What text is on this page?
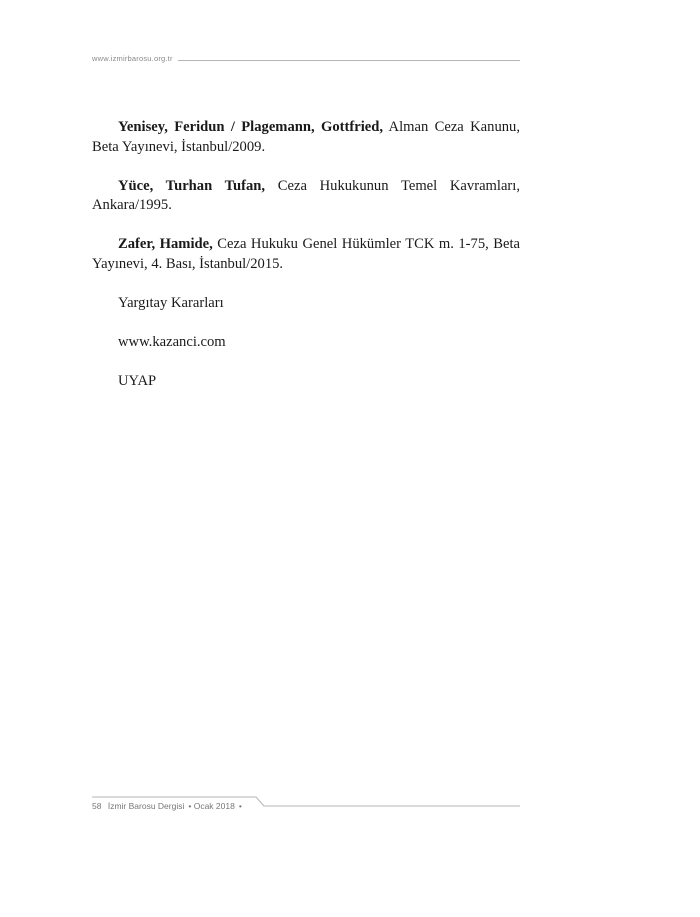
www.izmirbarosu.org.tr

Yenisey, Feridun / Plagemann, Gottfried, Alman Ceza Kanunu, Beta Yayınevi, İstanbul/2009.

Yüce, Turhan Tufan, Ceza Hukukunun Temel Kavramları, Ankara/1995.

Zafer, Hamide, Ceza Hukuku Genel Hükümler TCK m. 1-75, Beta Yayınevi, 4. Bası, İstanbul/2015.

Yargıtay Kararları

www.kazanci.com

UYAP

58 İzmir Barosu Dergisi • Ocak 2018 •
